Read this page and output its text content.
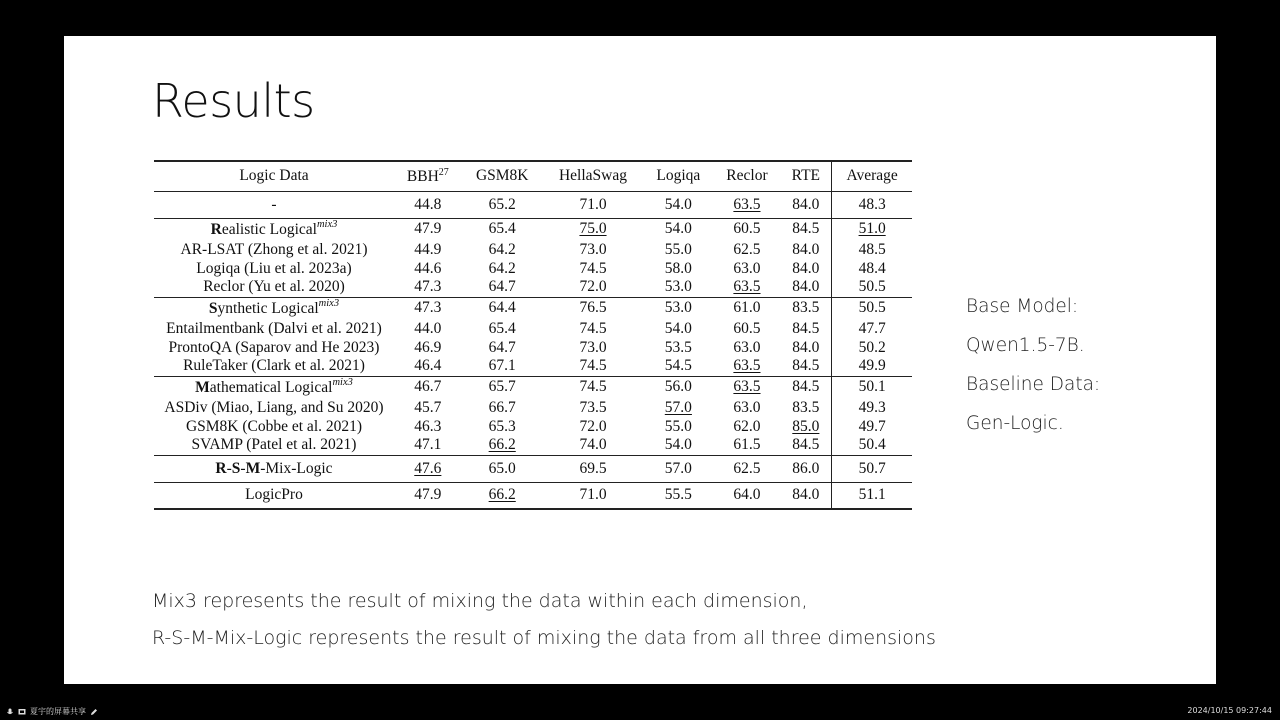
Results
Logic Data	BBH$^{27}$	GSM8K	HellaSwag	Logiqa	Reclor	RTE	Average
-	44.8	65.2	71.0	54.0	63.5	84.0	48.3
Realistic Logical$^{mix3}$	47.9	65.4	75.0	54.0	60.5	84.5	51.0
AR-LSAT (Zhong et al. 2021)	44.9	64.2	73.0	55.0	62.5	84.0	48.5
Logiqa (Liu et al. 2023a)	44.6	64.2	74.5	58.0	63.0	84.0	48.4
Reclor (Yu et al. 2020)	47.3	64.7	72.0	53.0	63.5	84.0	50.5
Synthetic Logical$^{mix3}$	47.3	64.4	76.5	53.0	61.0	83.5	50.5
Entailmentbank (Dalvi et al. 2021)	44.0	65.4	74.5	54.0	60.5	84.5	47.7
ProntoQA (Saparov and He 2023)	46.9	64.7	73.0	53.5	63.0	84.0	50.2
RuleTaker (Clark et al. 2021)	46.4	67.1	74.5	54.5	63.5	84.5	49.9
Mathematical Logical$^{mix3}$	46.7	65.7	74.5	56.0	63.5	84.5	50.1
ASDiv (Miao, Liang, and Su 2020)	45.7	66.7	73.5	57.0	63.0	83.5	49.3
GSM8K (Cobbe et al. 2021)	46.3	65.3	72.0	55.0	62.0	85.0	49.7
SVAMP (Patel et al. 2021)	47.1	66.2	74.0	54.0	61.5	84.5	50.4
R-S-M-Mix-Logic	47.6	65.0	69.5	57.0	62.5	86.0	50.7
LogicPro	47.9	66.2	71.0	55.5	64.0	84.0	51.1
Base Model:
Qwen1.5-7B.
Baseline Data:
Gen-Logic.

Mix3 represents the result of mixing the data within each dimension,

R-S-M-Mix-Logic represents the result of mixing the data from all three dimensions

夏宇的屏幕共享	2024/10/15 09:27:44
